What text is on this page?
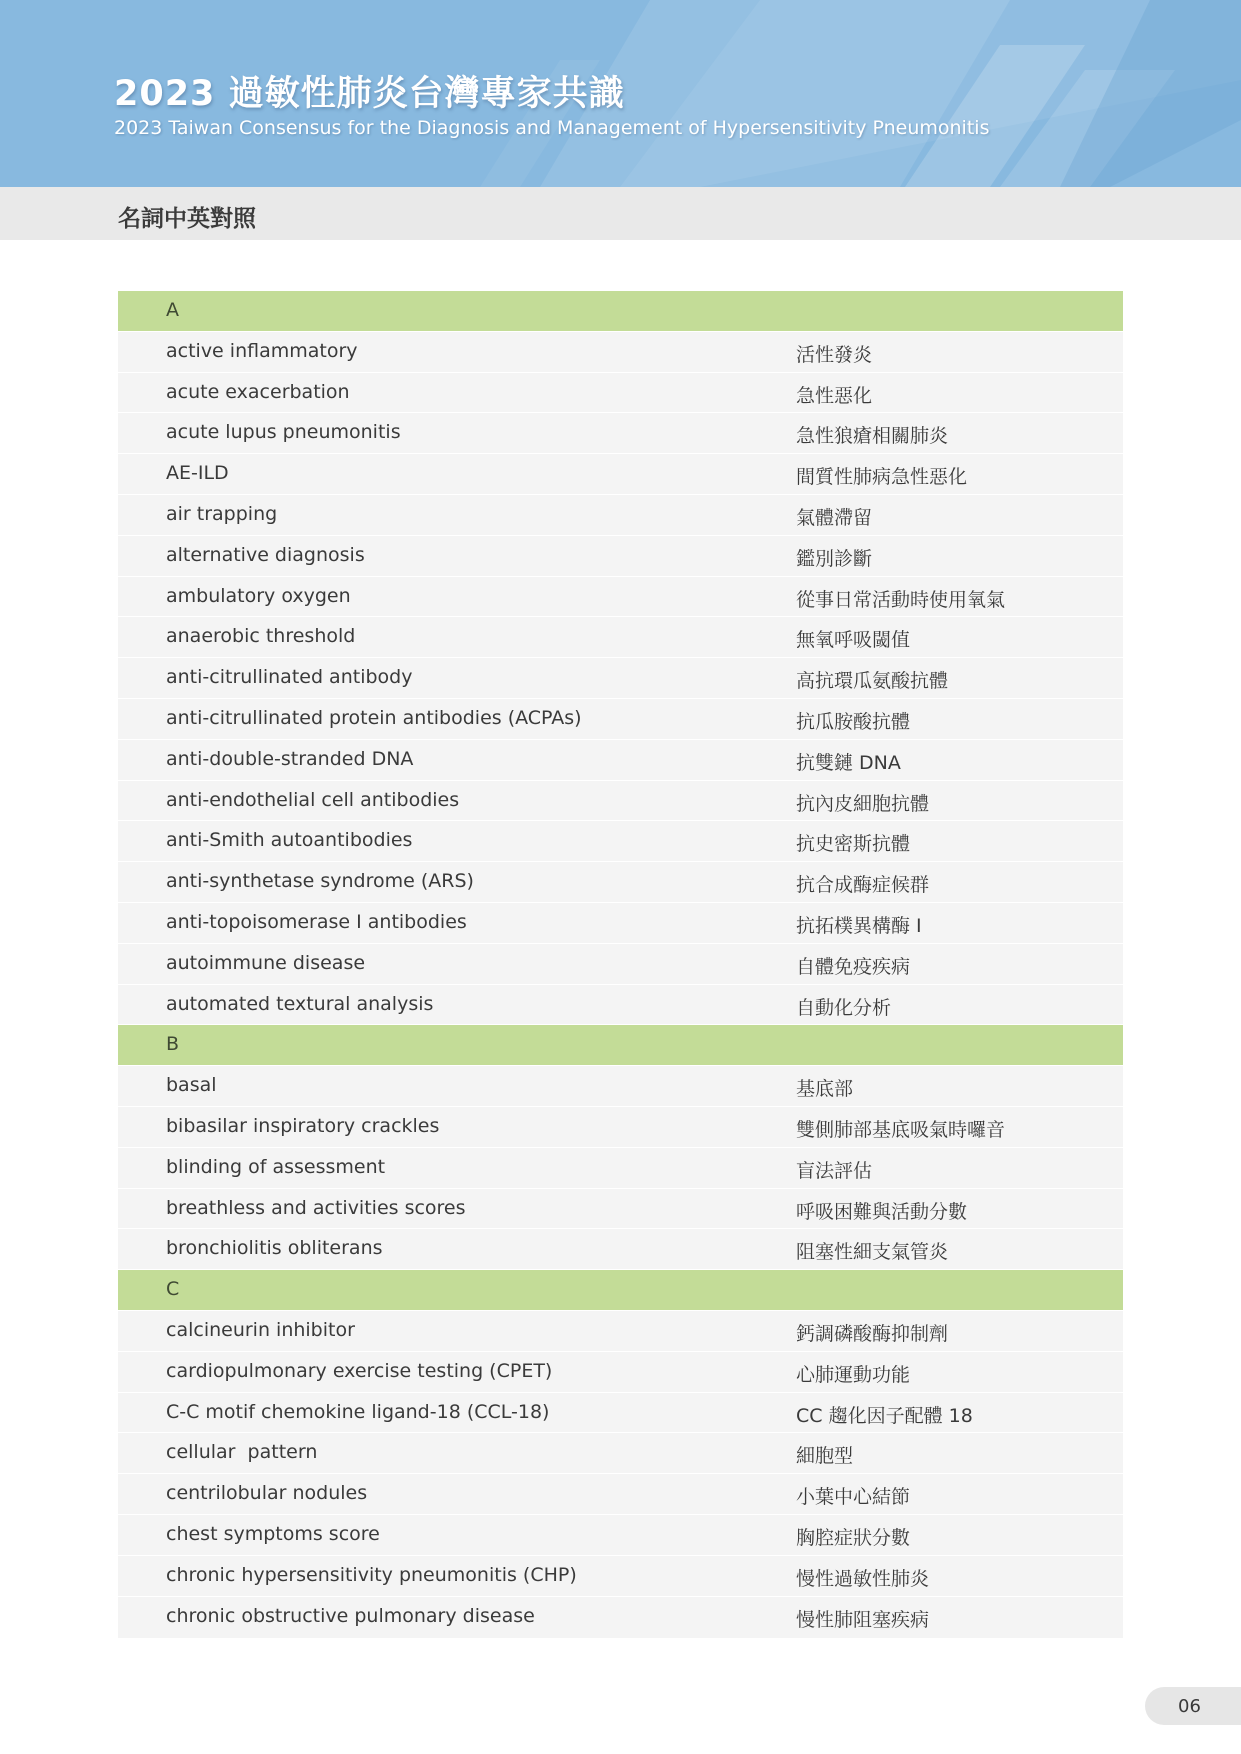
2023 過敏性肺炎台灣專家共識
2023 Taiwan Consensus for the Diagnosis and Management of Hypersensitivity Pneumonitis
名詞中英對照
A
active inflammatory	活性發炎
acute exacerbation	急性惡化
acute lupus pneumonitis	急性狼瘡相關肺炎
AE-ILD	間質性肺病急性惡化
air trapping	氣體滯留
alternative diagnosis	鑑別診斷
ambulatory oxygen	從事日常活動時使用氧氣
anaerobic threshold	無氧呼吸閾值
anti-citrullinated antibody	高抗環瓜氨酸抗體
anti-citrullinated protein antibodies (ACPAs)	抗瓜胺酸抗體
anti-double-stranded DNA	抗雙鏈 DNA
anti-endothelial cell antibodies	抗內皮細胞抗體
anti-Smith autoantibodies	抗史密斯抗體
anti-synthetase syndrome (ARS)	抗合成酶症候群
anti-topoisomerase I antibodies	抗拓樸異構酶 I
autoimmune disease	自體免疫疾病
automated textural analysis	自動化分析
B
basal	基底部
bibasilar inspiratory crackles	雙側肺部基底吸氣時囉音
blinding of assessment	盲法評估
breathless and activities scores	呼吸困難與活動分數
bronchiolitis obliterans	阻塞性細支氣管炎
C
calcineurin inhibitor	鈣調磷酸酶抑制劑
cardiopulmonary exercise testing (CPET)	心肺運動功能
C-C motif chemokine ligand-18 (CCL-18)	CC 趨化因子配體 18
cellular  pattern	細胞型
centrilobular nodules	小葉中心結節
chest symptoms score	胸腔症狀分數
chronic hypersensitivity pneumonitis (CHP)	慢性過敏性肺炎
chronic obstructive pulmonary disease	慢性肺阻塞疾病
06
